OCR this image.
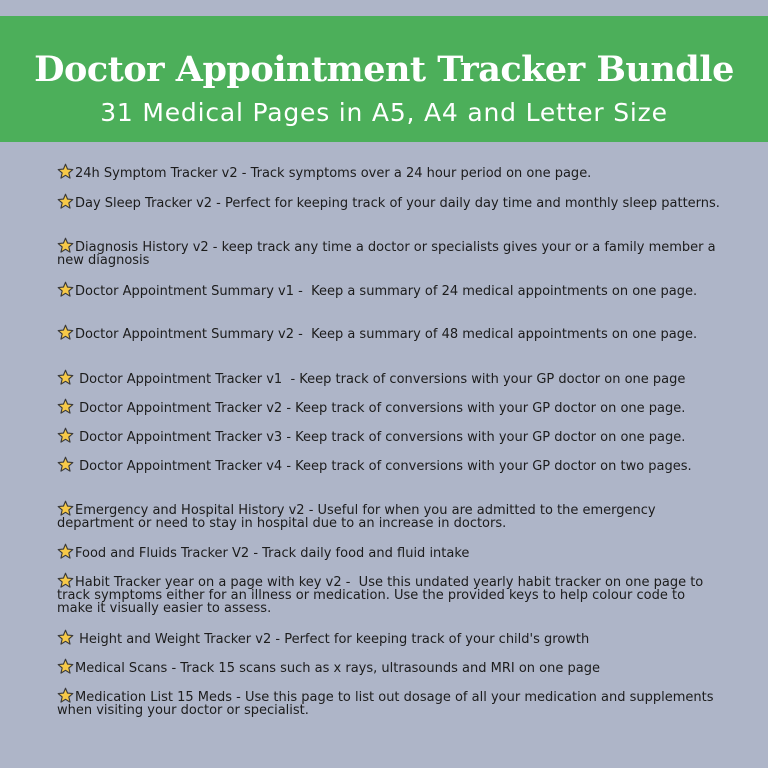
Doctor Appointment Tracker Bundle
31 Medical Pages in A5, A4 and Letter Size
24h Symptom Tracker v2 - Track symptoms over a 24 hour period on one page.
Day Sleep Tracker v2 - Perfect for keeping track of your daily day time and monthly sleep patterns.
Diagnosis History v2 - keep track any time a doctor or specialists gives your or a family member a new diagnosis
Doctor Appointment Summary v1 -  Keep a summary of 24 medical appointments on one page.
Doctor Appointment Summary v2 -  Keep a summary of 48 medical appointments on one page.
Doctor Appointment Tracker v1  - Keep track of conversions with your GP doctor on one page
Doctor Appointment Tracker v2 - Keep track of conversions with your GP doctor on one page.
Doctor Appointment Tracker v3 - Keep track of conversions with your GP doctor on one page.
Doctor Appointment Tracker v4 - Keep track of conversions with your GP doctor on two pages.
Emergency and Hospital History v2 - Useful for when you are admitted to the emergency department or need to stay in hospital due to an increase in doctors.
Food and Fluids Tracker V2 - Track daily food and fluid intake
Habit Tracker year on a page with key v2 -  Use this undated yearly habit tracker on one page to track symptoms either for an illness or medication. Use the provided keys to help colour code to make it visually easier to assess.
Height and Weight Tracker v2 - Perfect for keeping track of your child's growth
Medical Scans - Track 15 scans such as x rays, ultrasounds and MRI on one page
Medication List 15 Meds - Use this page to list out dosage of all your medication and supplements when visiting your doctor or specialist.
